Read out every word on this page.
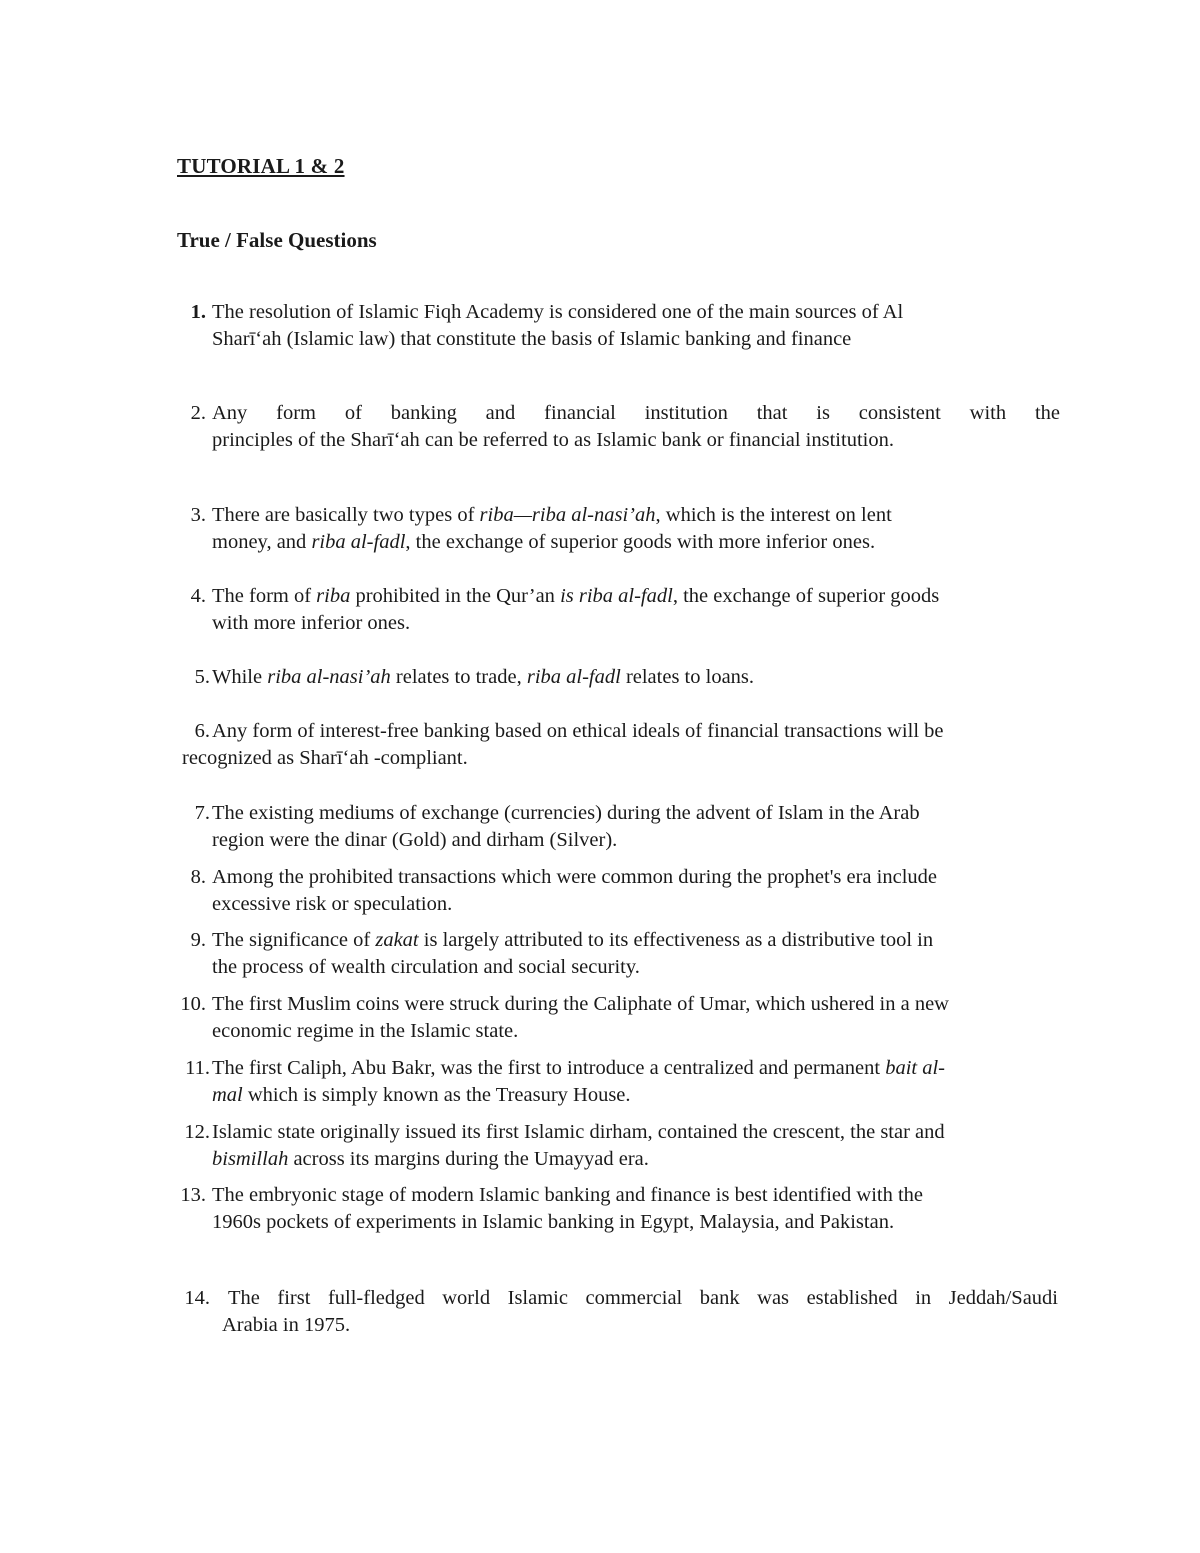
TUTORIAL 1 & 2
True / False Questions
1. The resolution of Islamic Fiqh Academy is considered one of the main sources of Al
Sharī‘ah (Islamic law) that constitute the basis of Islamic banking and finance
2. Any form of banking and financial institution that is consistent with the
principles of the Sharī‘ah can be referred to as Islamic bank or financial institution.
3. There are basically two types of riba—riba al-nasi’ah, which is the interest on lent
money, and riba al-fadl, the exchange of superior goods with more inferior ones.
4. The form of riba prohibited in the Qur’an is riba al-fadl, the exchange of superior goods
with more inferior ones.
5. While riba al-nasi’ah relates to trade, riba al-fadl relates to loans.
6. Any form of interest-free banking based on ethical ideals of financial transactions will be
recognized as Sharī‘ah -compliant.
7. The existing mediums of exchange (currencies) during the advent of Islam in the Arab
region were the dinar (Gold) and dirham (Silver).
8. Among the prohibited transactions which were common during the prophet's era include
excessive risk or speculation.
9. The significance of zakat is largely attributed to its effectiveness as a distributive tool in
the process of wealth circulation and social security.
10. The first Muslim coins were struck during the Caliphate of Umar, which ushered in a new
economic regime in the Islamic state.
11. The first Caliph, Abu Bakr, was the first to introduce a centralized and permanent bait al-
mal which is simply known as the Treasury House.
12. Islamic state originally issued its first Islamic dirham, contained the crescent, the star and
bismillah across its margins during the Umayyad era.
13. The embryonic stage of modern Islamic banking and finance is best identified with the
1960s pockets of experiments in Islamic banking in Egypt, Malaysia, and Pakistan.
14. The first full-fledged world Islamic commercial bank was established in Jeddah/Saudi
Arabia in 1975.
